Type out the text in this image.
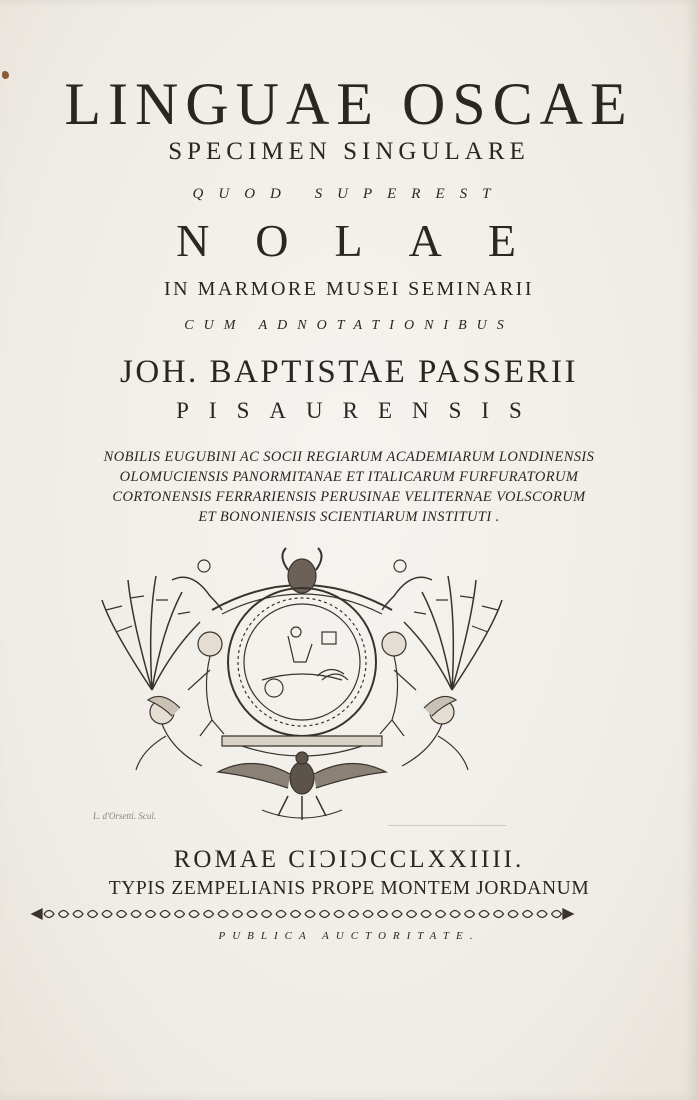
LINGUAE OSCAE
SPECIMEN SINGULARE
QUOD SUPEREST
NOLAE
IN MARMORE MUSEI SEMINARII
CUM ADNOTATIONIBUS
JOH. BAPTISTAE PASSERII
PISAURENSIS
NOBILIS EUGUBINI AC SOCII REGIARUM ACADEMIARUM LONDINENSIS
OLOMUCIENSIS PANORMITANAE ET ITALICARUM FURFURATORUM
CORTONENSIS FERRARIENSIS PERUSINAE VELITERNAE VOLSCORUM
ET BONONIENSIS SCIENTIARUM INSTITUTI .
L. d'Orsetti. Scul.
ROMAE CIƆIƆCCLXXIIII.
TYPIS ZEMPELIANIS PROPE MONTEM JORDANUM
PUBLICA AUCTORITATE.
